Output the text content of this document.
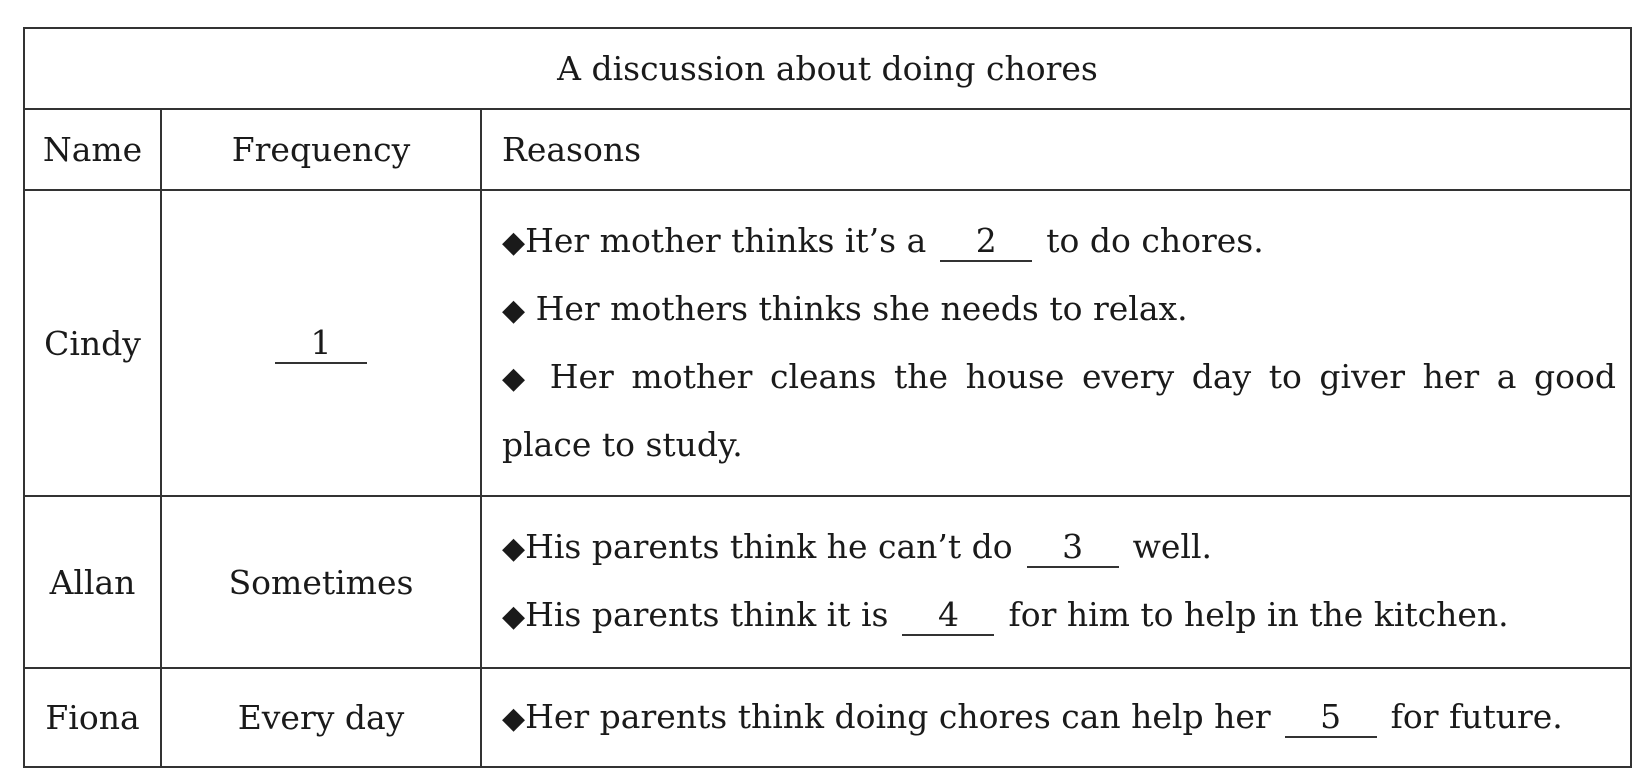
A discussion about doing chores		
Name	Frequency	Reasons
Cindy	1	◆Her mother thinks it’s a 2 to do chores.

◆ Her mothers thinks she needs to relax.

◆ Her mother cleans the house every day to giver her a good place to study.

Allan	Sometimes	◆His parents think he can’t do 3 well.

◆His parents think it is 4 for him to help in the kitchen.

Fiona	Every day	◆Her parents think doing chores can help her 5 for future.
